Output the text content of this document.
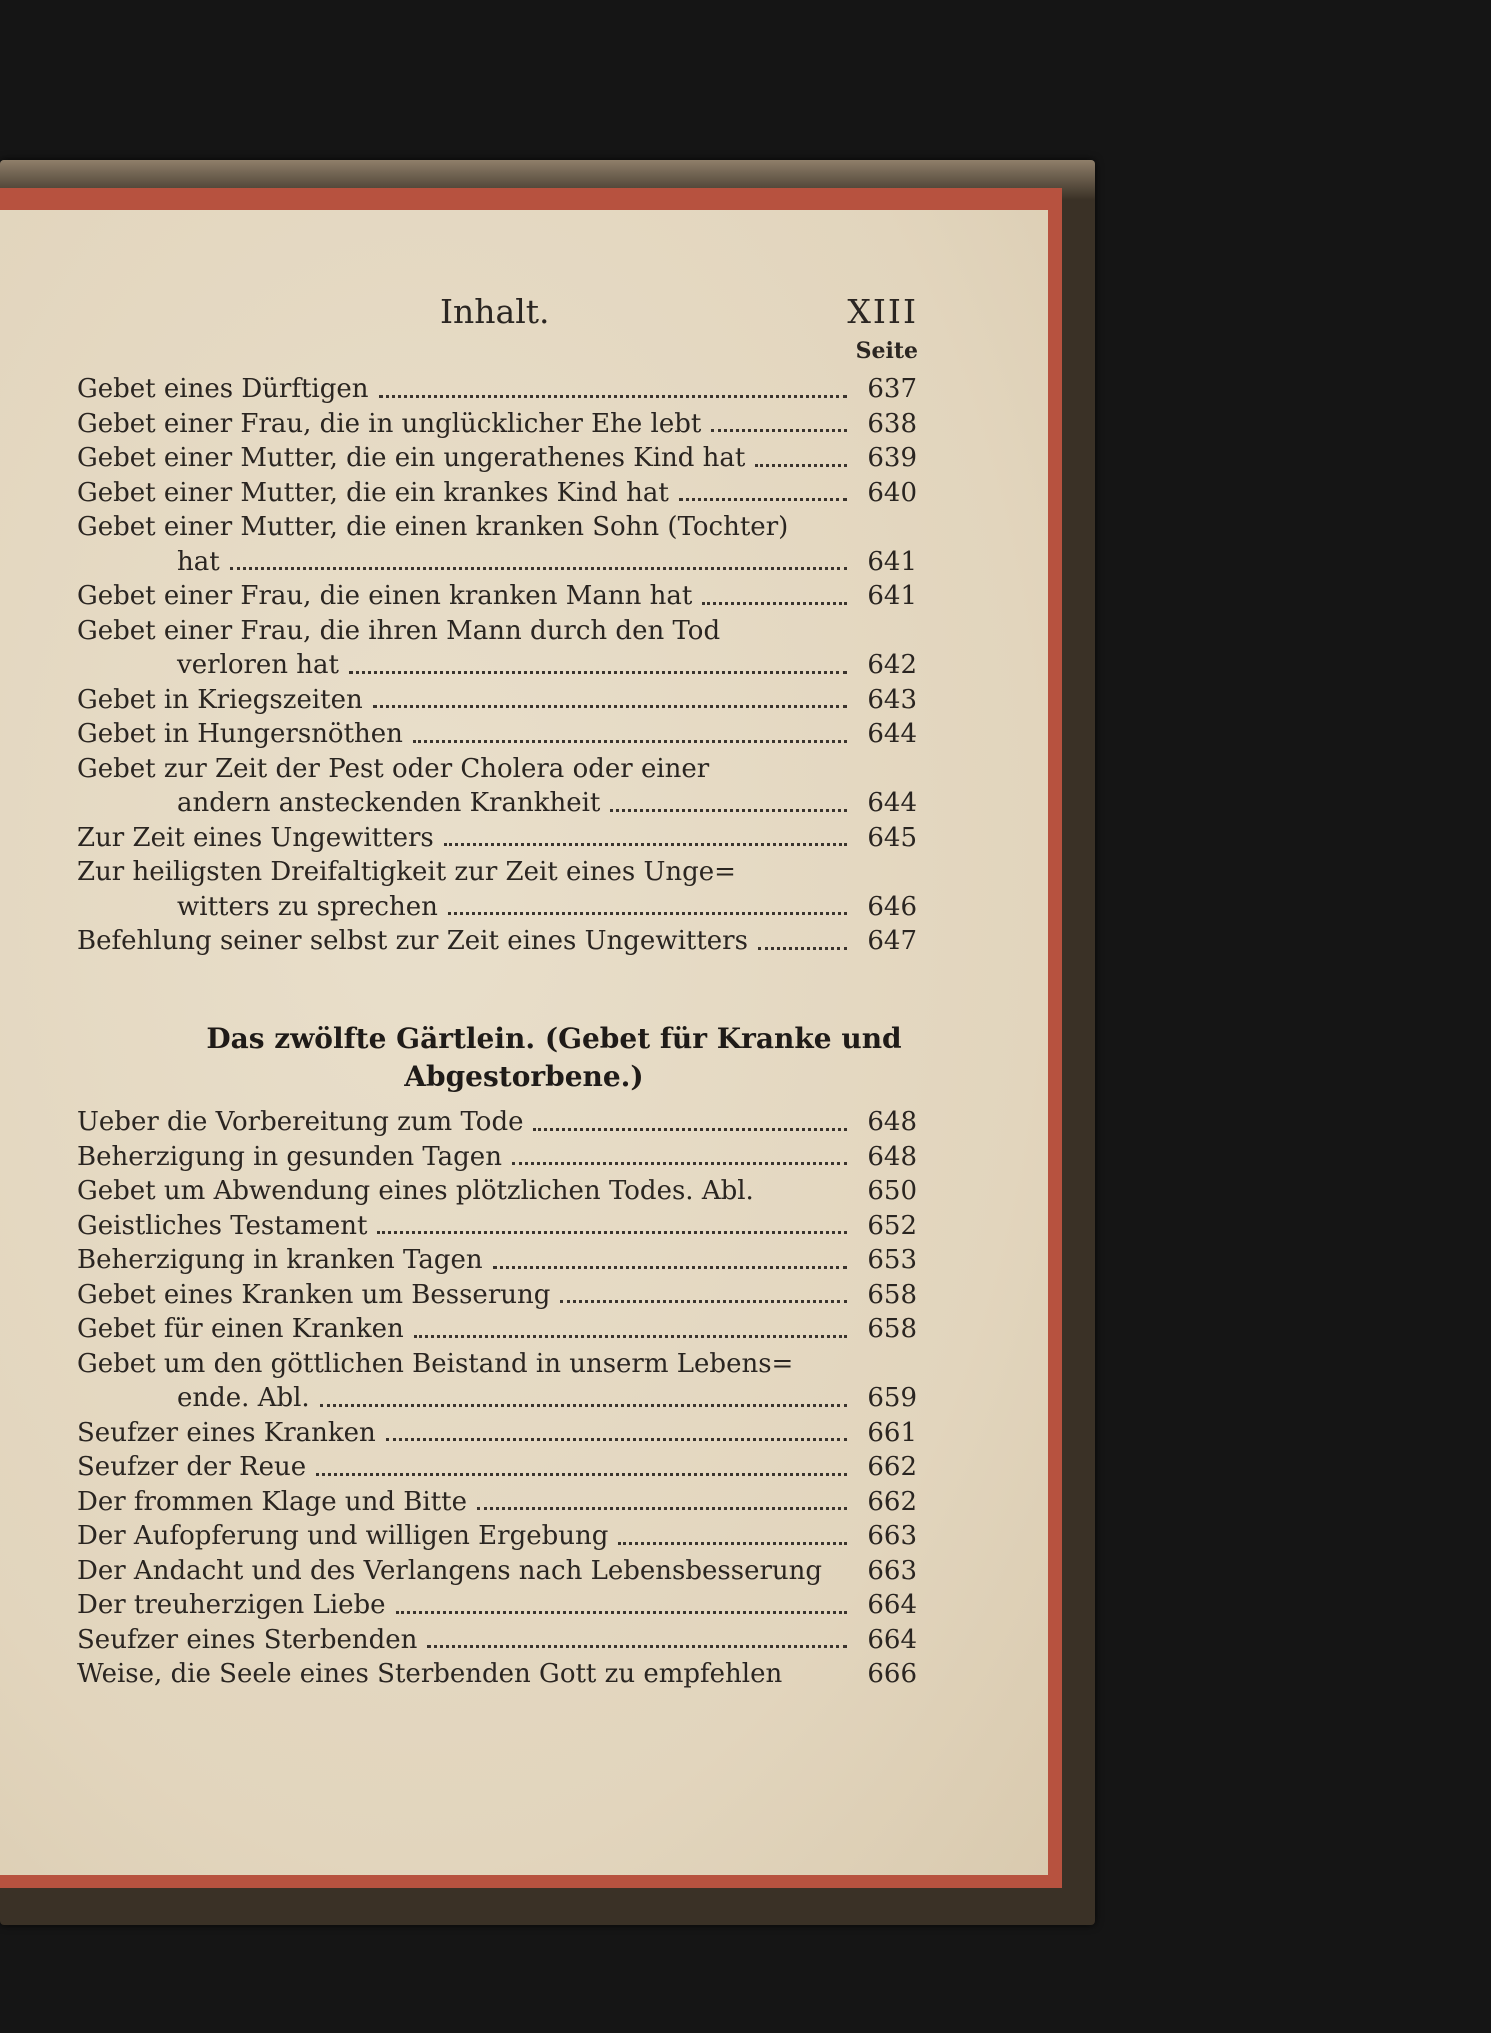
Inhalt.	XIII
Seite
Gebet eines Dürftigen	637
Gebet einer Frau, die in unglücklicher Ehe lebt	638
Gebet einer Mutter, die ein ungerathenes Kind hat	639
Gebet einer Mutter, die ein krankes Kind hat	640
Gebet einer Mutter, die einen kranken Sohn (Tochter)
hat	641
Gebet einer Frau, die einen kranken Mann hat	641
Gebet einer Frau, die ihren Mann durch den Tod
verloren hat	642
Gebet in Kriegszeiten	643
Gebet in Hungersnöthen	644
Gebet zur Zeit der Pest oder Cholera oder einer
andern ansteckenden Krankheit	644
Zur Zeit eines Ungewitters	645
Zur heiligsten Dreifaltigkeit zur Zeit eines Unge=
witters zu sprechen	646
Befehlung seiner selbst zur Zeit eines Ungewitters	647
Das zwölfte Gärtlein. (Gebet für Kranke und
Abgestorbene.)
Ueber die Vorbereitung zum Tode	648
Beherzigung in gesunden Tagen	648
Gebet um Abwendung eines plötzlichen Todes. Abl.	650
Geistliches Testament	652
Beherzigung in kranken Tagen	653
Gebet eines Kranken um Besserung	658
Gebet für einen Kranken	658
Gebet um den göttlichen Beistand in unserm Lebens=
ende. Abl.	659
Seufzer eines Kranken	661
Seufzer der Reue	662
Der frommen Klage und Bitte	662
Der Aufopferung und willigen Ergebung	663
Der Andacht und des Verlangens nach Lebensbesserung	663
Der treuherzigen Liebe	664
Seufzer eines Sterbenden	664
Weise, die Seele eines Sterbenden Gott zu empfehlen	666
